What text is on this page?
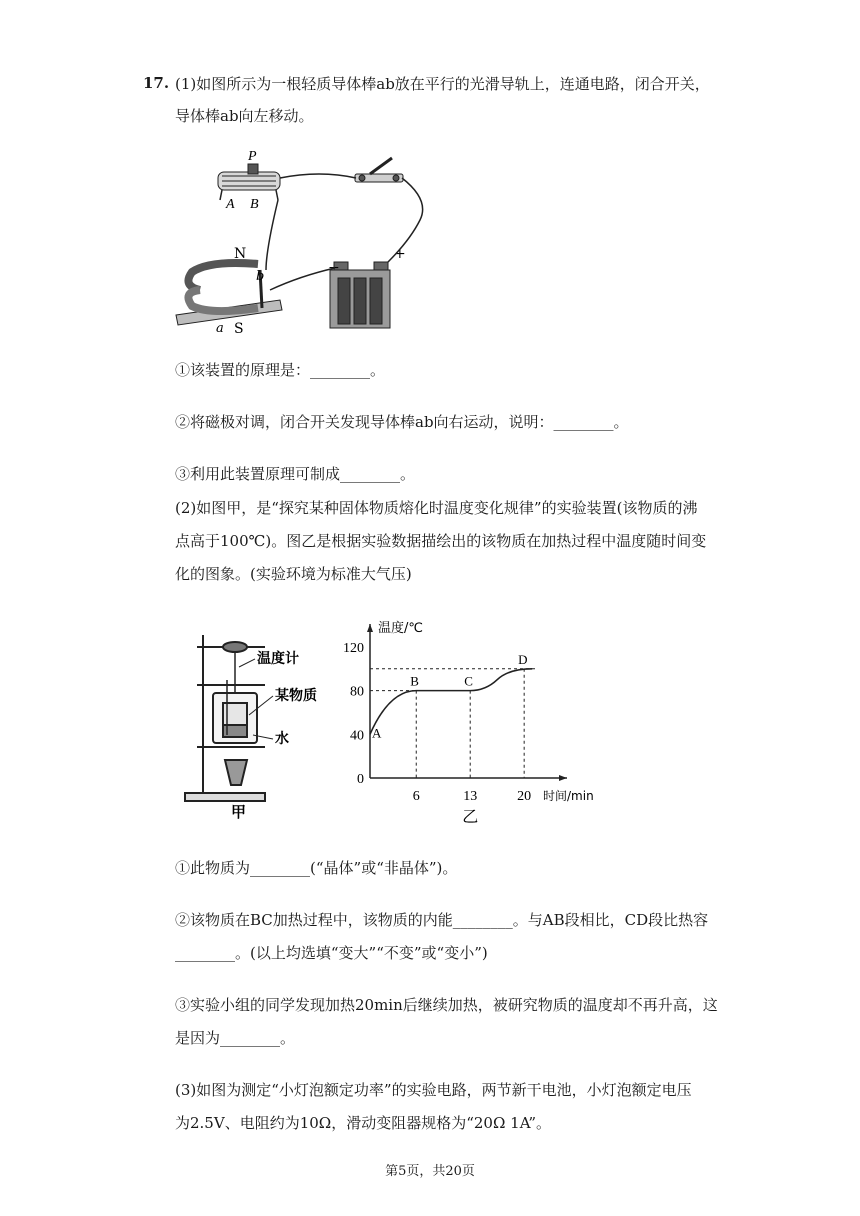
17. (1)如图所示为一根轻质导体棒ab放在平行的光滑导轨上，连通电路，闭合开关，
导体棒ab向左移动。
P
A B
−
+
N
S
a
b
①该装置的原理是：________。
②将磁极对调，闭合开关发现导体棒ab向右运动，说明：________。
③利用此装置原理可制成________。
(2)如图甲，是“探究某种固体物质熔化时温度变化规律”的实验装置(该物质的沸
点高于100℃)。图乙是根据实验数据描绘出的该物质在加热过程中温度随时间变
化的图象。(实验环境为标准大气压)
温度计
某物质
水
甲
温度/℃
时间/min
0
40
80
120
6	13	20
A
B	C
D
乙
①此物质为________(“晶体”或“非晶体”)。
②该物质在BC加热过程中，该物质的内能________。与AB段相比，CD段比热容
________。(以上均选填“变大”“不变”或“变小”)
③实验小组的同学发现加热20min后继续加热，被研究物质的温度却不再升高，这
是因为________。
(3)如图为测定“小灯泡额定功率”的实验电路，两节新干电池，小灯泡额定电压
为2.5V、电阻约为10Ω，滑动变阻器规格为“20Ω 1A”。
第5页，共20页
